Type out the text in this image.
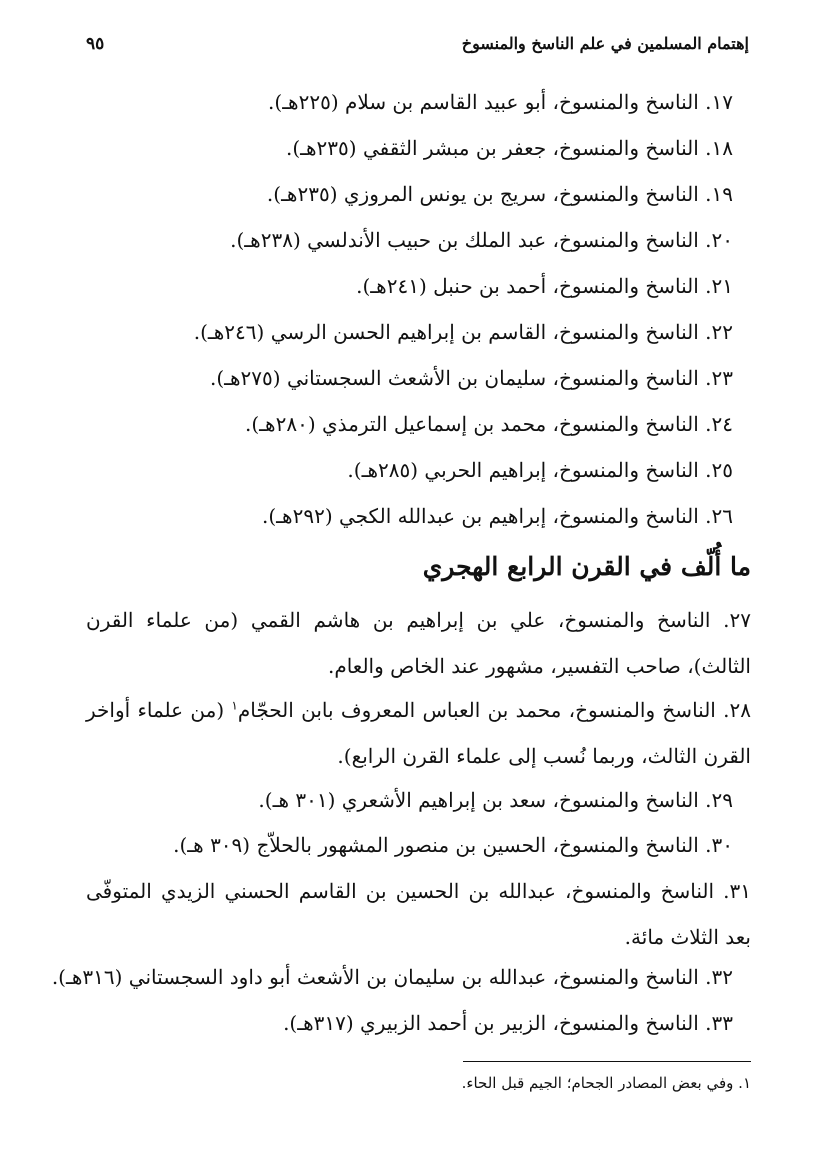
إهتمام المسلمين في علم الناسخ والمنسوخ
٩٥
١٧. الناسخ والمنسوخ، أبو عبيد القاسم بن سلام (٢٢٥هـ).
١٨. الناسخ والمنسوخ، جعفر بن مبشر الثقفي (٢٣٥هـ).
١٩. الناسخ والمنسوخ، سريج بن يونس المروزي (٢٣٥هـ).
٢٠. الناسخ والمنسوخ، عبد الملك بن حبيب الأندلسي (٢٣٨هـ).
٢١. الناسخ والمنسوخ، أحمد بن حنبل (٢٤١هـ).
٢٢. الناسخ والمنسوخ، القاسم بن إبراهيم الحسن الرسي (٢٤٦هـ).
٢٣. الناسخ والمنسوخ، سليمان بن الأشعث السجستاني (٢٧٥هـ).
٢٤. الناسخ والمنسوخ، محمد بن إسماعيل الترمذي (٢٨٠هـ).
٢٥. الناسخ والمنسوخ، إبراهيم الحربي (٢٨٥هـ).
٢٦. الناسخ والمنسوخ، إبراهيم بن عبدالله الكجي (٢٩٢هـ).
ما أُلّف في القرن الرابع الهجري
٢٧. الناسخ والمنسوخ، علي بن إبراهيم بن هاشم القمي (من علماء القرن الثالث)، صاحب التفسير، مشهور عند الخاص والعام.
٢٨. الناسخ والمنسوخ، محمد بن العباس المعروف بابن الحجّام$^١$ (من علماء أواخر القرن الثالث، وربما نُسب إلى علماء القرن الرابع).
٢٩. الناسخ والمنسوخ، سعد بن إبراهيم الأشعري (٣٠١ هـ).
٣٠. الناسخ والمنسوخ، الحسين بن منصور المشهور بالحلاّج (٣٠٩ هـ).
٣١. الناسخ والمنسوخ، عبدالله بن الحسين بن القاسم الحسني الزيدي المتوفّى بعد الثلاث مائة.
٣٢. الناسخ والمنسوخ، عبدالله بن سليمان بن الأشعث أبو داود السجستاني (٣١٦هـ).
٣٣. الناسخ والمنسوخ، الزبير بن أحمد الزبيري (٣١٧هـ).
١. وفي بعض المصادر الجحام؛ الجيم قبل الحاء.
